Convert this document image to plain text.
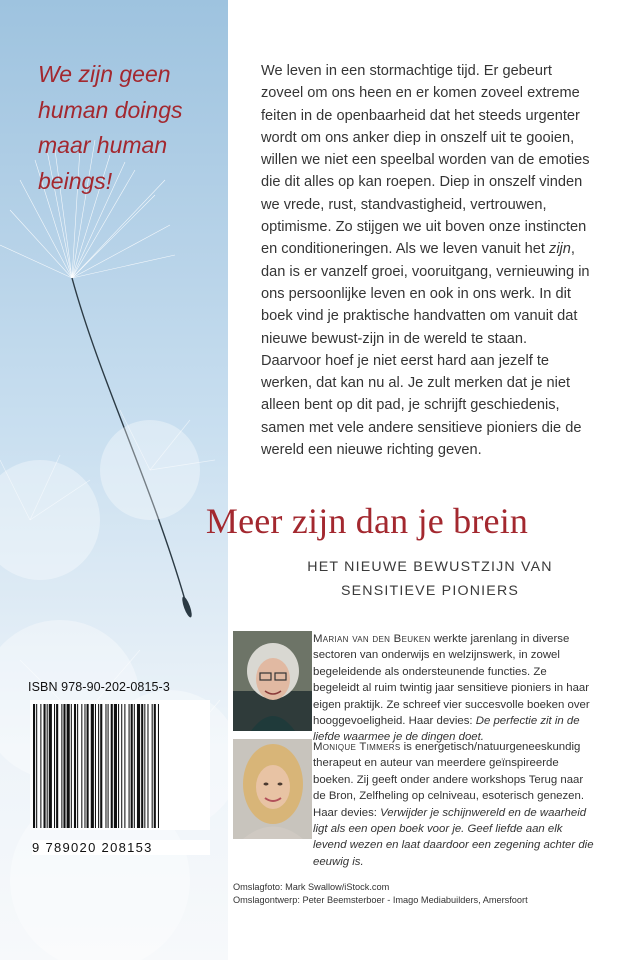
We zijn geen
human doings
maar human
beings!

We leven in een stormachtige tijd. Er gebeurt zoveel om ons heen en er komen zoveel extreme feiten in de openbaarheid dat het steeds urgenter wordt om ons anker diep in onszelf uit te gooien, willen we niet een speelbal worden van de emoties die dit alles op kan roepen. Diep in onszelf vinden we vrede, rust, standvastigheid, vertrouwen, optimisme. Zo stijgen we uit boven onze instincten en conditioneringen. Als we leven vanuit het zijn, dan is er vanzelf groei, vooruitgang, vernieuwing in ons persoonlijke leven en ook in ons werk. In dit boek vind je praktische handvatten om vanuit dat nieuwe bewust-zijn in de wereld te staan. Daarvoor hoef je niet eerst hard aan jezelf te werken, dat kan nu al. Je zult merken dat je niet alleen bent op dit pad, je schrijft geschiedenis, samen met vele andere sensitieve pioniers die de wereld een nieuwe richting geven.

Meer zijn dan je brein
HET NIEUWE BEWUSTZIJN VAN
SENSITIEVE PIONIERS
Marian van den Beuken werkte jarenlang in diverse sectoren van onderwijs en welzijnswerk, in zowel begeleidende als ondersteunende functies. Ze begeleidt al ruim twintig jaar sensitieve pioniers in haar eigen praktijk. Ze schreef vier succesvolle boeken over hooggevoeligheid. Haar devies: De perfectie zit in de liefde waarmee je de dingen doet.
Monique Timmers is energetisch/natuurgeneeskundig therapeut en auteur van meerdere geïnspireerde boeken. Zij geeft onder andere workshops Terug naar de Bron, Zelfheling op celniveau, esoterisch genezen. Haar devies: Verwijder je schijnwereld en de waarheid ligt als een open boek voor je. Geef liefde aan elk levend wezen en laat daardoor een zegening achter die eeuwig is.
ISBN 978-90-202-0815-3
9 789020 208153
Omslagfoto: Mark Swallow/iStock.com
Omslagontwerp: Peter Beemsterboer - Imago Mediabuilders, Amersfoort
